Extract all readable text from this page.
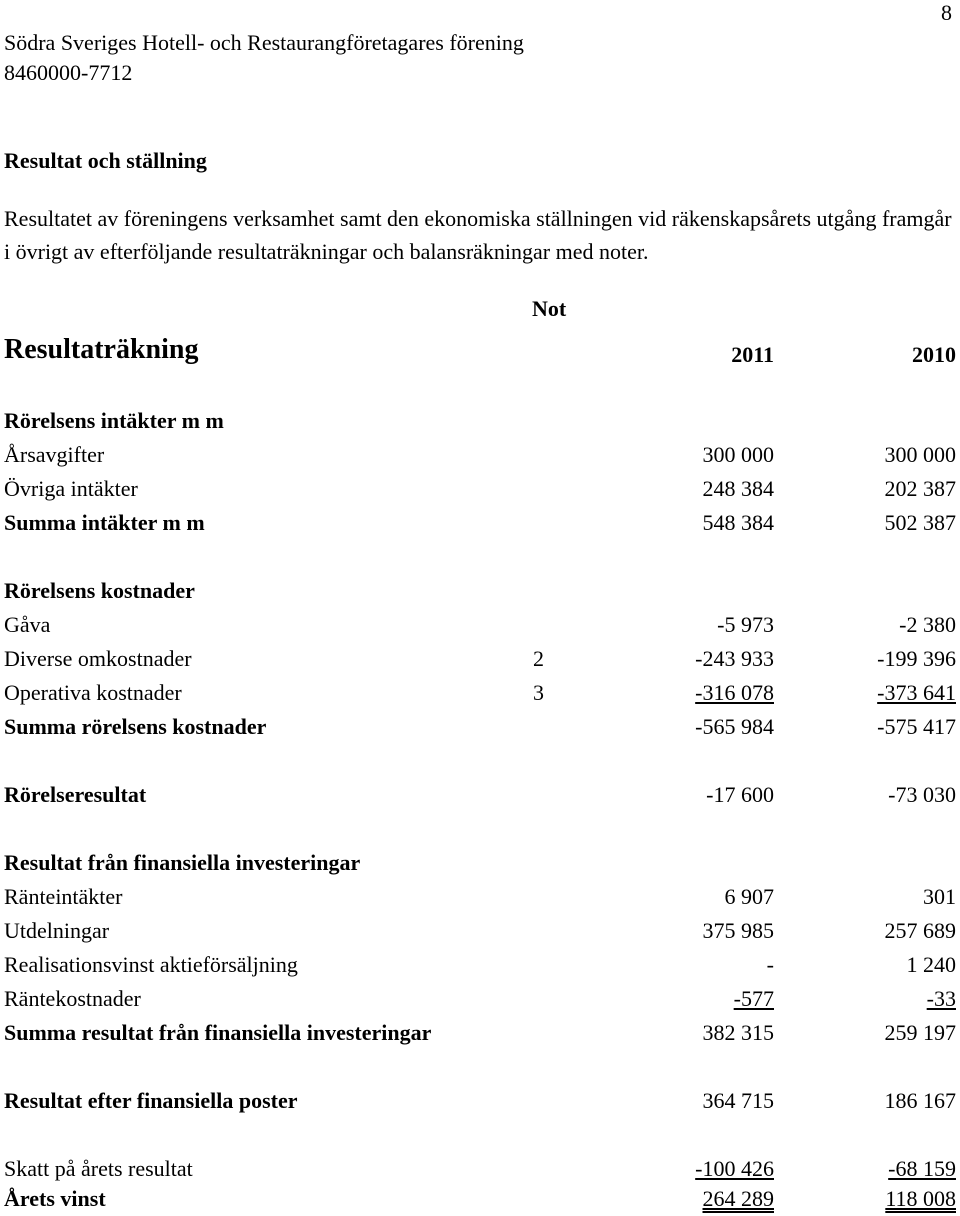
8
Södra Sveriges Hotell- och Restaurangföretagares förening
8460000-7712
Resultat och ställning
Resultatet av föreningens verksamhet samt den ekonomiska ställningen vid räkenskapsårets utgång framgår i övrigt av efterföljande resultaträkningar och balansräkningar med noter.
Not
Resultaträkning	2011	2010
Rörelsens intäkter m m
Årsavgifter	300 000	300 000
Övriga intäkter	248 384	202 387
Summa intäkter m m	548 384	502 387
Rörelsens kostnader
Gåva	-5 973	-2 380
Diverse omkostnader	2	-243 933	-199 396
Operativa kostnader	3	-316 078	-373 641
Summa rörelsens kostnader	-565 984	-575 417
Rörelseresultat	-17 600	-73 030
Resultat från finansiella investeringar
Ränteintäkter	6 907	301
Utdelningar	375 985	257 689
Realisationsvinst aktieförsäljning	-	1 240
Räntekostnader	-577	-33
Summa resultat från finansiella investeringar	382 315	259 197
Resultat efter finansiella poster	364 715	186 167
Skatt på årets resultat	-100 426	-68 159
Årets vinst	264 289	118 008
